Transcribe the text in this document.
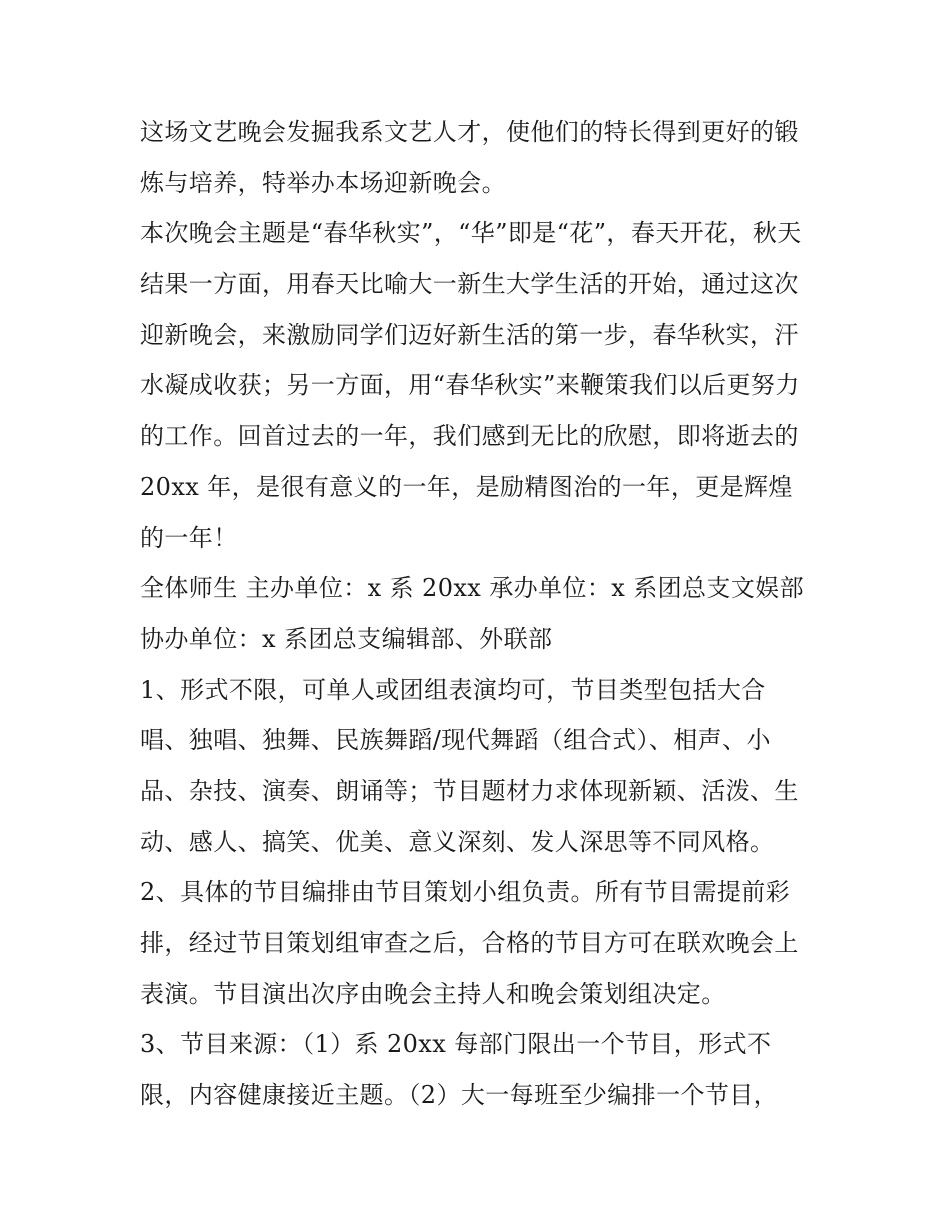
这场文艺晚会发掘我系文艺人才，使他们的特长得到更好的锻
炼与培养，特举办本场迎新晚会。
本次晚会主题是“春华秋实”，“华”即是“花”，春天开花，秋天
结果一方面，用春天比喻大一新生大学生活的开始，通过这次
迎新晚会，来激励同学们迈好新生活的第一步，春华秋实，汗
水凝成收获；另一方面，用“春华秋实”来鞭策我们以后更努力
的工作。回首过去的一年，我们感到无比的欣慰，即将逝去的
20xx 年，是很有意义的一年，是励精图治的一年，更是辉煌
的一年！
全体师生 主办单位：x 系 20xx 承办单位：x 系团总支文娱部
协办单位：x 系团总支编辑部、外联部
1、形式不限，可单人或团组表演均可，节目类型包括大合
唱、独唱、独舞、民族舞蹈/现代舞蹈（组合式）、相声、小
品、杂技、演奏、朗诵等；节目题材力求体现新颖、活泼、生
动、感人、搞笑、优美、意义深刻、发人深思等不同风格。
2、具体的节目编排由节目策划小组负责。所有节目需提前彩
排，经过节目策划组审查之后，合格的节目方可在联欢晚会上
表演。节目演出次序由晚会主持人和晚会策划组决定。
3、节目来源：（1）系 20xx 每部门限出一个节目，形式不
限，内容健康接近主题。（2）大一每班至少编排一个节目，
